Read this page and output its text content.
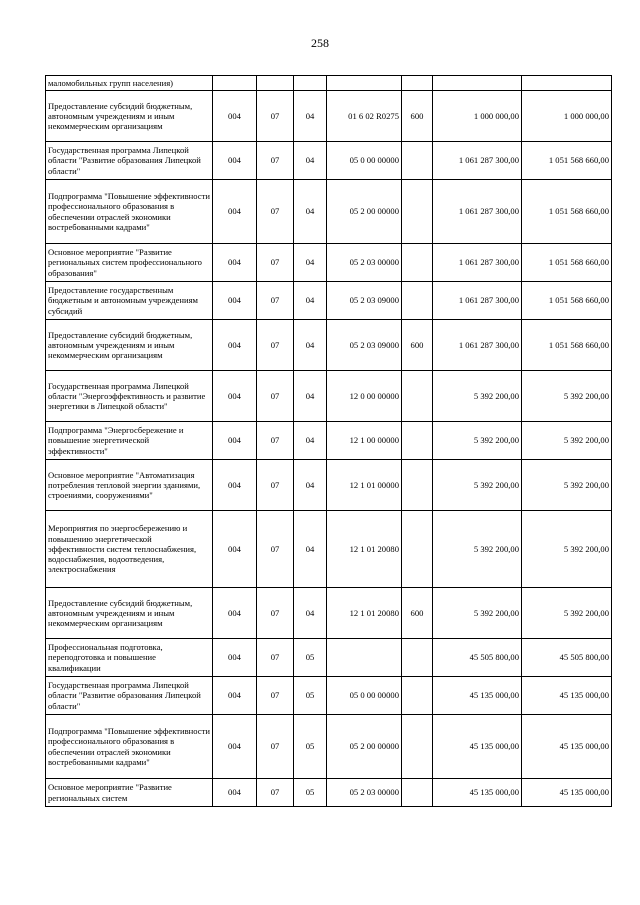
258
маломобильных групп населения)							
Предоставление субсидий бюджетным, автономным учреждениям и иным некоммерческим организациям	004	07	04	01 6 02 R0275	600	1 000 000,00	1 000 000,00
Государственная программа Липецкой области "Развитие образования Липецкой области"	004	07	04	05 0 00 00000		1 061 287 300,00	1 051 568 660,00
Подпрограмма "Повышение эффективности профессионального образования в обеспечении отраслей экономики востребованными кадрами"	004	07	04	05 2 00 00000		1 061 287 300,00	1 051 568 660,00
Основное мероприятие "Развитие региональных систем профессионального образования"	004	07	04	05 2 03 00000		1 061 287 300,00	1 051 568 660,00
Предоставление государственным бюджетным и автономным учреждениям субсидий	004	07	04	05 2 03 09000		1 061 287 300,00	1 051 568 660,00
Предоставление субсидий бюджетным, автономным учреждениям и иным некоммерческим организациям	004	07	04	05 2 03 09000	600	1 061 287 300,00	1 051 568 660,00
Государственная программа Липецкой области "Энергоэффективность и развитие энергетики в Липецкой области"	004	07	04	12 0 00 00000		5 392 200,00	5 392 200,00
Подпрограмма "Энергосбережение и повышение энергетической эффективности"	004	07	04	12 1 00 00000		5 392 200,00	5 392 200,00
Основное мероприятие "Автоматизация потребления тепловой энергии зданиями, строениями, сооружениями"	004	07	04	12 1 01 00000		5 392 200,00	5 392 200,00
Мероприятия по энергосбережению и повышению энергетической эффективности систем теплоснабжения, водоснабжения, водоотведения, электроснабжения	004	07	04	12 1 01 20080		5 392 200,00	5 392 200,00
Предоставление субсидий бюджетным, автономным учреждениям и иным некоммерческим организациям	004	07	04	12 1 01 20080	600	5 392 200,00	5 392 200,00
Профессиональная подготовка, переподготовка и повышение квалификации	004	07	05			45 505 800,00	45 505 800,00
Государственная программа Липецкой области "Развитие образования Липецкой области"	004	07	05	05 0 00 00000		45 135 000,00	45 135 000,00
Подпрограмма "Повышение эффективности профессионального образования в обеспечении отраслей экономики востребованными кадрами"	004	07	05	05 2 00 00000		45 135 000,00	45 135 000,00
Основное мероприятие "Развитие региональных систем	004	07	05	05 2 03 00000		45 135 000,00	45 135 000,00
